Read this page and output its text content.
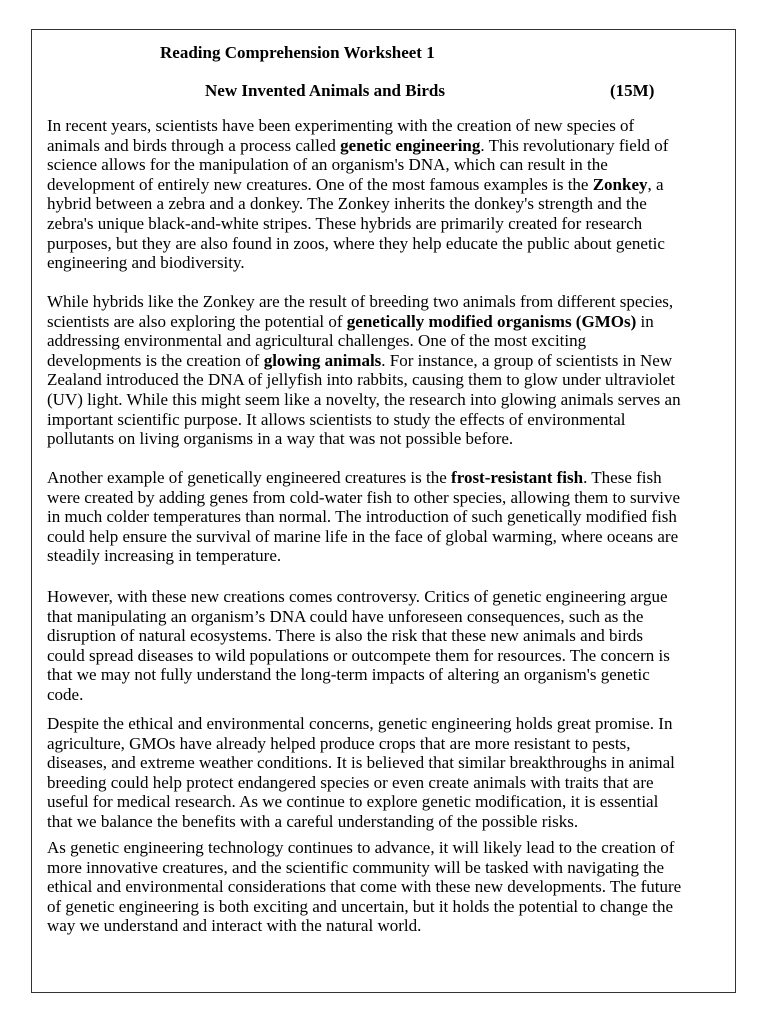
Reading Comprehension Worksheet 1
New Invented Animals and Birds	(15M)
In recent years, scientists have been experimenting with the creation of new species of
animals and birds through a process called genetic engineering. This revolutionary field of
science allows for the manipulation of an organism's DNA, which can result in the
development of entirely new creatures. One of the most famous examples is the Zonkey, a
hybrid between a zebra and a donkey. The Zonkey inherits the donkey's strength and the
zebra's unique black-and-white stripes. These hybrids are primarily created for research
purposes, but they are also found in zoos, where they help educate the public about genetic
engineering and biodiversity.
While hybrids like the Zonkey are the result of breeding two animals from different species,
scientists are also exploring the potential of genetically modified organisms (GMOs) in
addressing environmental and agricultural challenges. One of the most exciting
developments is the creation of glowing animals. For instance, a group of scientists in New
Zealand introduced the DNA of jellyfish into rabbits, causing them to glow under ultraviolet
(UV) light. While this might seem like a novelty, the research into glowing animals serves an
important scientific purpose. It allows scientists to study the effects of environmental
pollutants on living organisms in a way that was not possible before.
Another example of genetically engineered creatures is the frost-resistant fish. These fish
were created by adding genes from cold-water fish to other species, allowing them to survive
in much colder temperatures than normal. The introduction of such genetically modified fish
could help ensure the survival of marine life in the face of global warming, where oceans are
steadily increasing in temperature.
However, with these new creations comes controversy. Critics of genetic engineering argue
that manipulating an organism’s DNA could have unforeseen consequences, such as the
disruption of natural ecosystems. There is also the risk that these new animals and birds
could spread diseases to wild populations or outcompete them for resources. The concern is
that we may not fully understand the long-term impacts of altering an organism's genetic
code.
Despite the ethical and environmental concerns, genetic engineering holds great promise. In
agriculture, GMOs have already helped produce crops that are more resistant to pests,
diseases, and extreme weather conditions. It is believed that similar breakthroughs in animal
breeding could help protect endangered species or even create animals with traits that are
useful for medical research. As we continue to explore genetic modification, it is essential
that we balance the benefits with a careful understanding of the possible risks.
As genetic engineering technology continues to advance, it will likely lead to the creation of
more innovative creatures, and the scientific community will be tasked with navigating the
ethical and environmental considerations that come with these new developments. The future
of genetic engineering is both exciting and uncertain, but it holds the potential to change the
way we understand and interact with the natural world.
